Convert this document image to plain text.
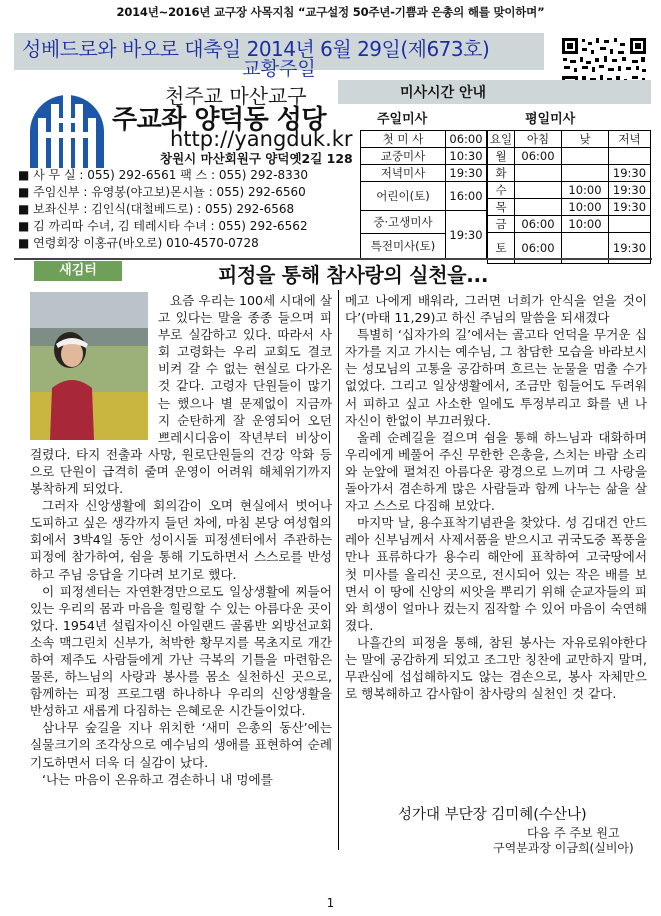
2014년~2016년 교구장 사목지침 “교구설정 50주년-기쁨과 은총의 해를 맞이하며”
성베드로와 바오로 대축일 2014년 6월 29일(제673호)
교황주일
천주교 마산교구
주교좌 양덕동 성당
http://yangduk.kr
창원시 마산회원구 양덕옛2길 128
■ 사 무 실 : 055) 292-6561 팩 스 : 055) 292-8330
■ 주임신부 : 유영봉(야고보)몬시뇰 : 055) 292-6560
■ 보좌신부 : 김인식(대철베드로) : 055) 292-6568
■ 김 까리따 수녀, 김 테레시타 수녀 : 055) 292-6562
■ 연령회장 이홍규(바오로) 010-4570-0728
미사시간 안내
주일미사	평일미사
첫 미 사	06:00
교중미사	10:30
저녁미사	19:30
어린이(토)	16:00
중·고생미사	19:30
특전미사(토)	
요일	아침	낮	저녁
월	06:00		
화			19:30
수		10:00	19:30
목		10:00	19:30
금	06:00	10:00	
토	06:00		19:30
새김터	피정을 통해 참사랑의 실천을...

요즘 우리는 100세 시대에 살고 있다는 말을 종종 들으며 피부로 실감하고 있다. 따라서 사회 고령화는 우리 교회도 결코 비켜 갈 수 없는 현실로 다가온 것 같다. 고령자 단원들이 많기는 했으나 별 문제없이 지금까지 순탄하게 잘 운영되어 오던 쁘레시디움이 작년부터 비상이 걸렸다. 타지 전출과 사망, 원로단원들의 건강 악화 등으로 단원이 급격히 줄며 운영이 어려워 해체위기까지 봉착하게 되었다.

그러자 신앙생활에 회의감이 오며 현실에서 벗어나 도피하고 싶은 생각까지 들던 차에, 마침 본당 여성협의회에서 3박4일 동안 성이시돌 피정센터에서 주관하는 피정에 참가하여, 쉼을 통해 기도하면서 스스로를 반성하고 주님 응답을 기다려 보기로 했다.

이 피정센터는 자연환경만으로도 일상생활에 찌들어 있는 우리의 몸과 마음을 힐링할 수 있는 아름다운 곳이었다. 1954년 설립자이신 아일랜드 골롬반 외방선교회 소속 맥그린치 신부가, 척박한 황무지를 목초지로 개간하여 제주도 사람들에게 가난 극복의 기틀을 마련함은 물론, 하느님의 사랑과 봉사를 몸소 실천하신 곳으로, 함께하는 피정 프로그램 하나하나 우리의 신앙생활을 반성하고 새롭게 다짐하는 은혜로운 시간들이었다.

삼나무 숲길을 지나 위치한 ‘새미 은총의 동산’에는 실물크기의 조각상으로 예수님의 생애를 표현하여 순례기도하면서 더욱 더 실감이 났다.

‘나는 마음이 온유하고 겸손하니 내 멍에를

메고 나에게 배워라, 그러면 너희가 안식을 얻을 것이다’(마태 11,29)고 하신 주님의 말씀을 되새겼다

특별히 ‘십자가의 길’에서는 골고타 언덕을 무거운 십자가를 지고 가시는 예수님, 그 참담한 모습을 바라보시는 성모님의 고통을 공감하며 흐르는 눈물을 멈출 수가 없었다. 그리고 일상생활에서, 조금만 힘들어도 두려워서 피하고 싶고 사소한 일에도 투정부리고 화를 낸 나 자신이 한없이 부끄러웠다.

올레 순례길을 걸으며 쉼을 통해 하느님과 대화하며 우리에게 베풀어 주신 무한한 은총을, 스치는 바람 소리와 눈앞에 펼쳐진 아름다운 광경으로 느끼며 그 사랑을 돌아가서 겸손하게 많은 사람들과 함께 나누는 삶을 살자고 스스로 다짐해 보았다.

마지막 날, 용수표착기념관을 찾았다. 성 김대건 안드레아 신부님께서 사제서품을 받으시고 귀국도중 폭풍을 만나 표류하다가 용수리 해안에 표착하여 고국땅에서 첫 미사를 올리신 곳으로, 전시되어 있는 작은 배를 보면서 이 땅에 신앙의 씨앗을 뿌리기 위해 순교자들의 피와 희생이 얼마나 컸는지 짐작할 수 있어 마음이 숙연해졌다.

나흘간의 피정을 통해, 참된 봉사는 자유로워야한다는 말에 공감하게 되었고 조그만 칭찬에 교만하지 말며, 무관심에 섭섭해하지도 않는 겸손으로, 봉사 자체만으로 행복해하고 감사함이 참사랑의 실천인 것 같다.

성가대 부단장 김미혜(수산나)
다음 주 주보 원고
구역분과장 이금희(실비아)
1
